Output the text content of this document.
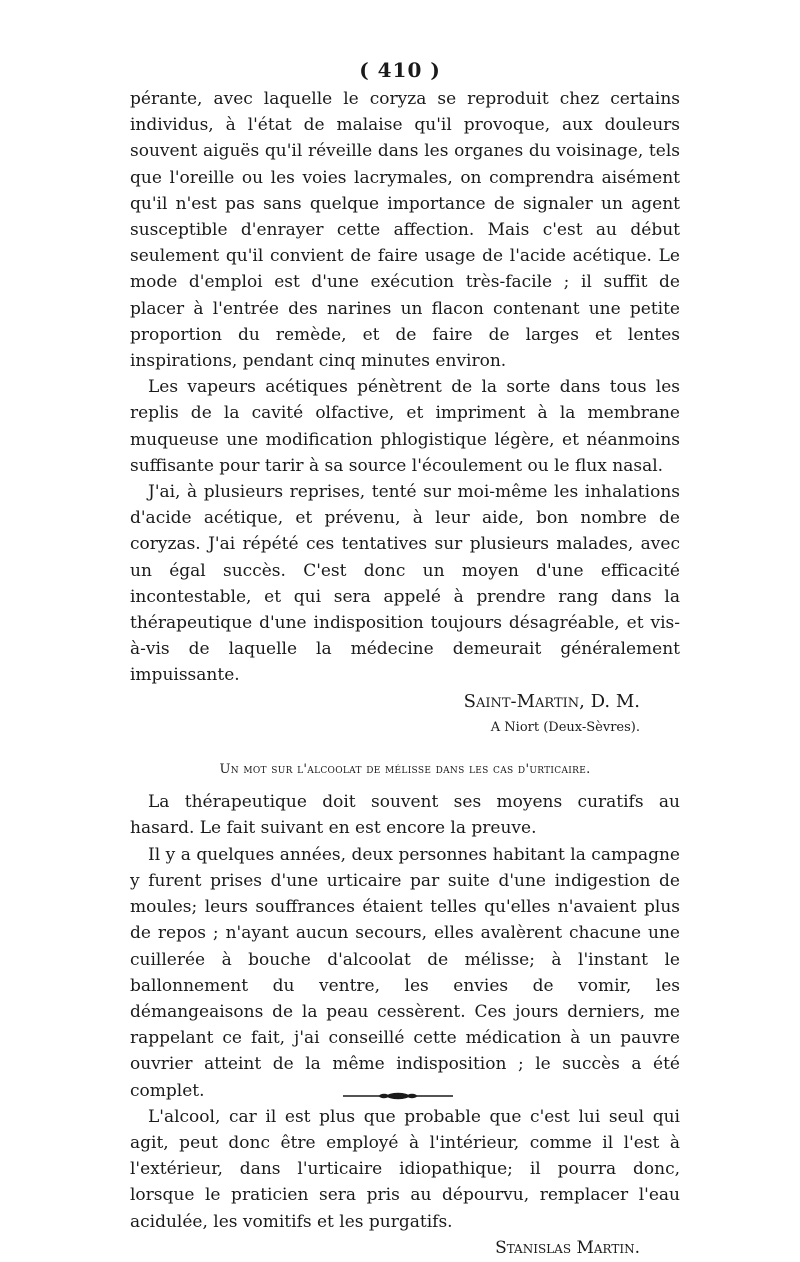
( 410 )

pérante, avec laquelle le coryza se reproduit chez certains individus, à l'état de malaise qu'il provoque, aux douleurs souvent aiguës qu'il réveille dans les organes du voisinage, tels que l'oreille ou les voies lacrymales, on comprendra aisément qu'il n'est pas sans quelque importance de signaler un agent susceptible d'enrayer cette affection. Mais c'est au début seulement qu'il convient de faire usage de l'acide acétique. Le mode d'emploi est d'une exécution très-facile ; il suffit de placer à l'entrée des narines un flacon contenant une petite proportion du remède, et de faire de larges et lentes inspirations, pendant cinq minutes environ.

Les vapeurs acétiques pénètrent de la sorte dans tous les replis de la cavité olfactive, et impriment à la membrane muqueuse une modification phlogistique légère, et néanmoins suffisante pour tarir à sa source l'écoulement ou le flux nasal.

J'ai, à plusieurs reprises, tenté sur moi-même les inhalations d'acide acétique, et prévenu, à leur aide, bon nombre de coryzas. J'ai répété ces tentatives sur plusieurs malades, avec un égal succès. C'est donc un moyen d'une efficacité incontestable, et qui sera appelé à prendre rang dans la thérapeutique d'une indisposition toujours désagréable, et vis-à-vis de laquelle la médecine demeurait généralement impuissante.

Saint-Martin, D. M.
A Niort (Deux-Sèvres).
Un mot sur l'alcoolat de mélisse dans les cas d'urticaire.

La thérapeutique doit souvent ses moyens curatifs au hasard. Le fait suivant en est encore la preuve.

Il y a quelques années, deux personnes habitant la campagne y furent prises d'une urticaire par suite d'une indigestion de moules; leurs souffrances étaient telles qu'elles n'avaient plus de repos ; n'ayant aucun secours, elles avalèrent chacune une cuillerée à bouche d'alcoolat de mélisse; à l'instant le ballonnement du ventre, les envies de vomir, les démangeaisons de la peau cessèrent. Ces jours derniers, me rappelant ce fait, j'ai conseillé cette médication à un pauvre ouvrier atteint de la même indisposition ; le succès a été complet.

L'alcool, car il est plus que probable que c'est lui seul qui agit, peut donc être employé à l'intérieur, comme il l'est à l'extérieur, dans l'urticaire idiopathique; il pourra donc, lorsque le praticien sera pris au dépourvu, remplacer l'eau acidulée, les vomitifs et les purgatifs.

Stanislas Martin.
